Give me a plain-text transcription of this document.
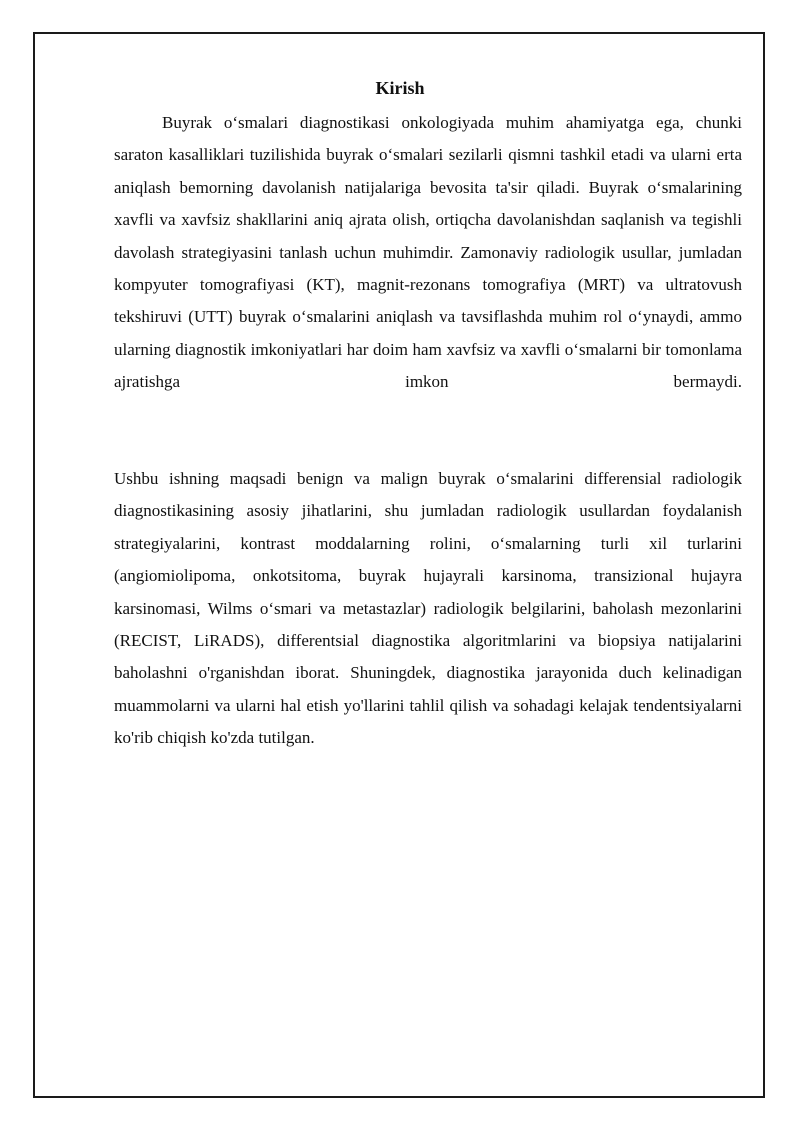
Kirish

Buyrak o‘smalari diagnostikasi onkologiyada muhim ahamiyatga ega, chunki saraton kasalliklari tuzilishida buyrak o‘smalari sezilarli qismni tashkil etadi va ularni erta aniqlash bemorning davolanish natijalariga bevosita ta'sir qiladi. Buyrak o‘smalarining xavfli va xavfsiz shakllarini aniq ajrata olish, ortiqcha davolanishdan saqlanish va tegishli davolash strategiyasini tanlash uchun muhimdir. Zamonaviy radiologik usullar, jumladan kompyuter tomografiyasi (KT), magnit-rezonans tomografiya (MRT) va ultratovush tekshiruvi (UTT) buyrak o‘smalarini aniqlash va tavsiflashda muhim rol o‘ynaydi, ammo ularning diagnostik imkoniyatlari har doim ham xavfsiz va xavfli o‘smalarni bir tomonlama ajratishga imkon bermaydi.

Ushbu ishning maqsadi benign va malign buyrak o‘smalarini differensial radiologik diagnostikasining asosiy jihatlarini, shu jumladan radiologik usullardan foydalanish strategiyalarini, kontrast moddalarning rolini, o‘smalarning turli xil turlarini (angiomiolipoma, onkotsitoma, buyrak hujayrali karsinoma, transizional hujayra karsinomasi, Wilms o‘smari va metastazlar) radiologik belgilarini, baholash mezonlarini (RECIST, LiRADS), differentsial diagnostika algoritmlarini va biopsiya natijalarini baholashni o'rganishdan iborat. Shuningdek, diagnostika jarayonida duch kelinadigan muammolarni va ularni hal etish yo'llarini tahlil qilish va sohadagi kelajak tendentsiyalarni ko'rib chiqish ko'zda tutilgan.
